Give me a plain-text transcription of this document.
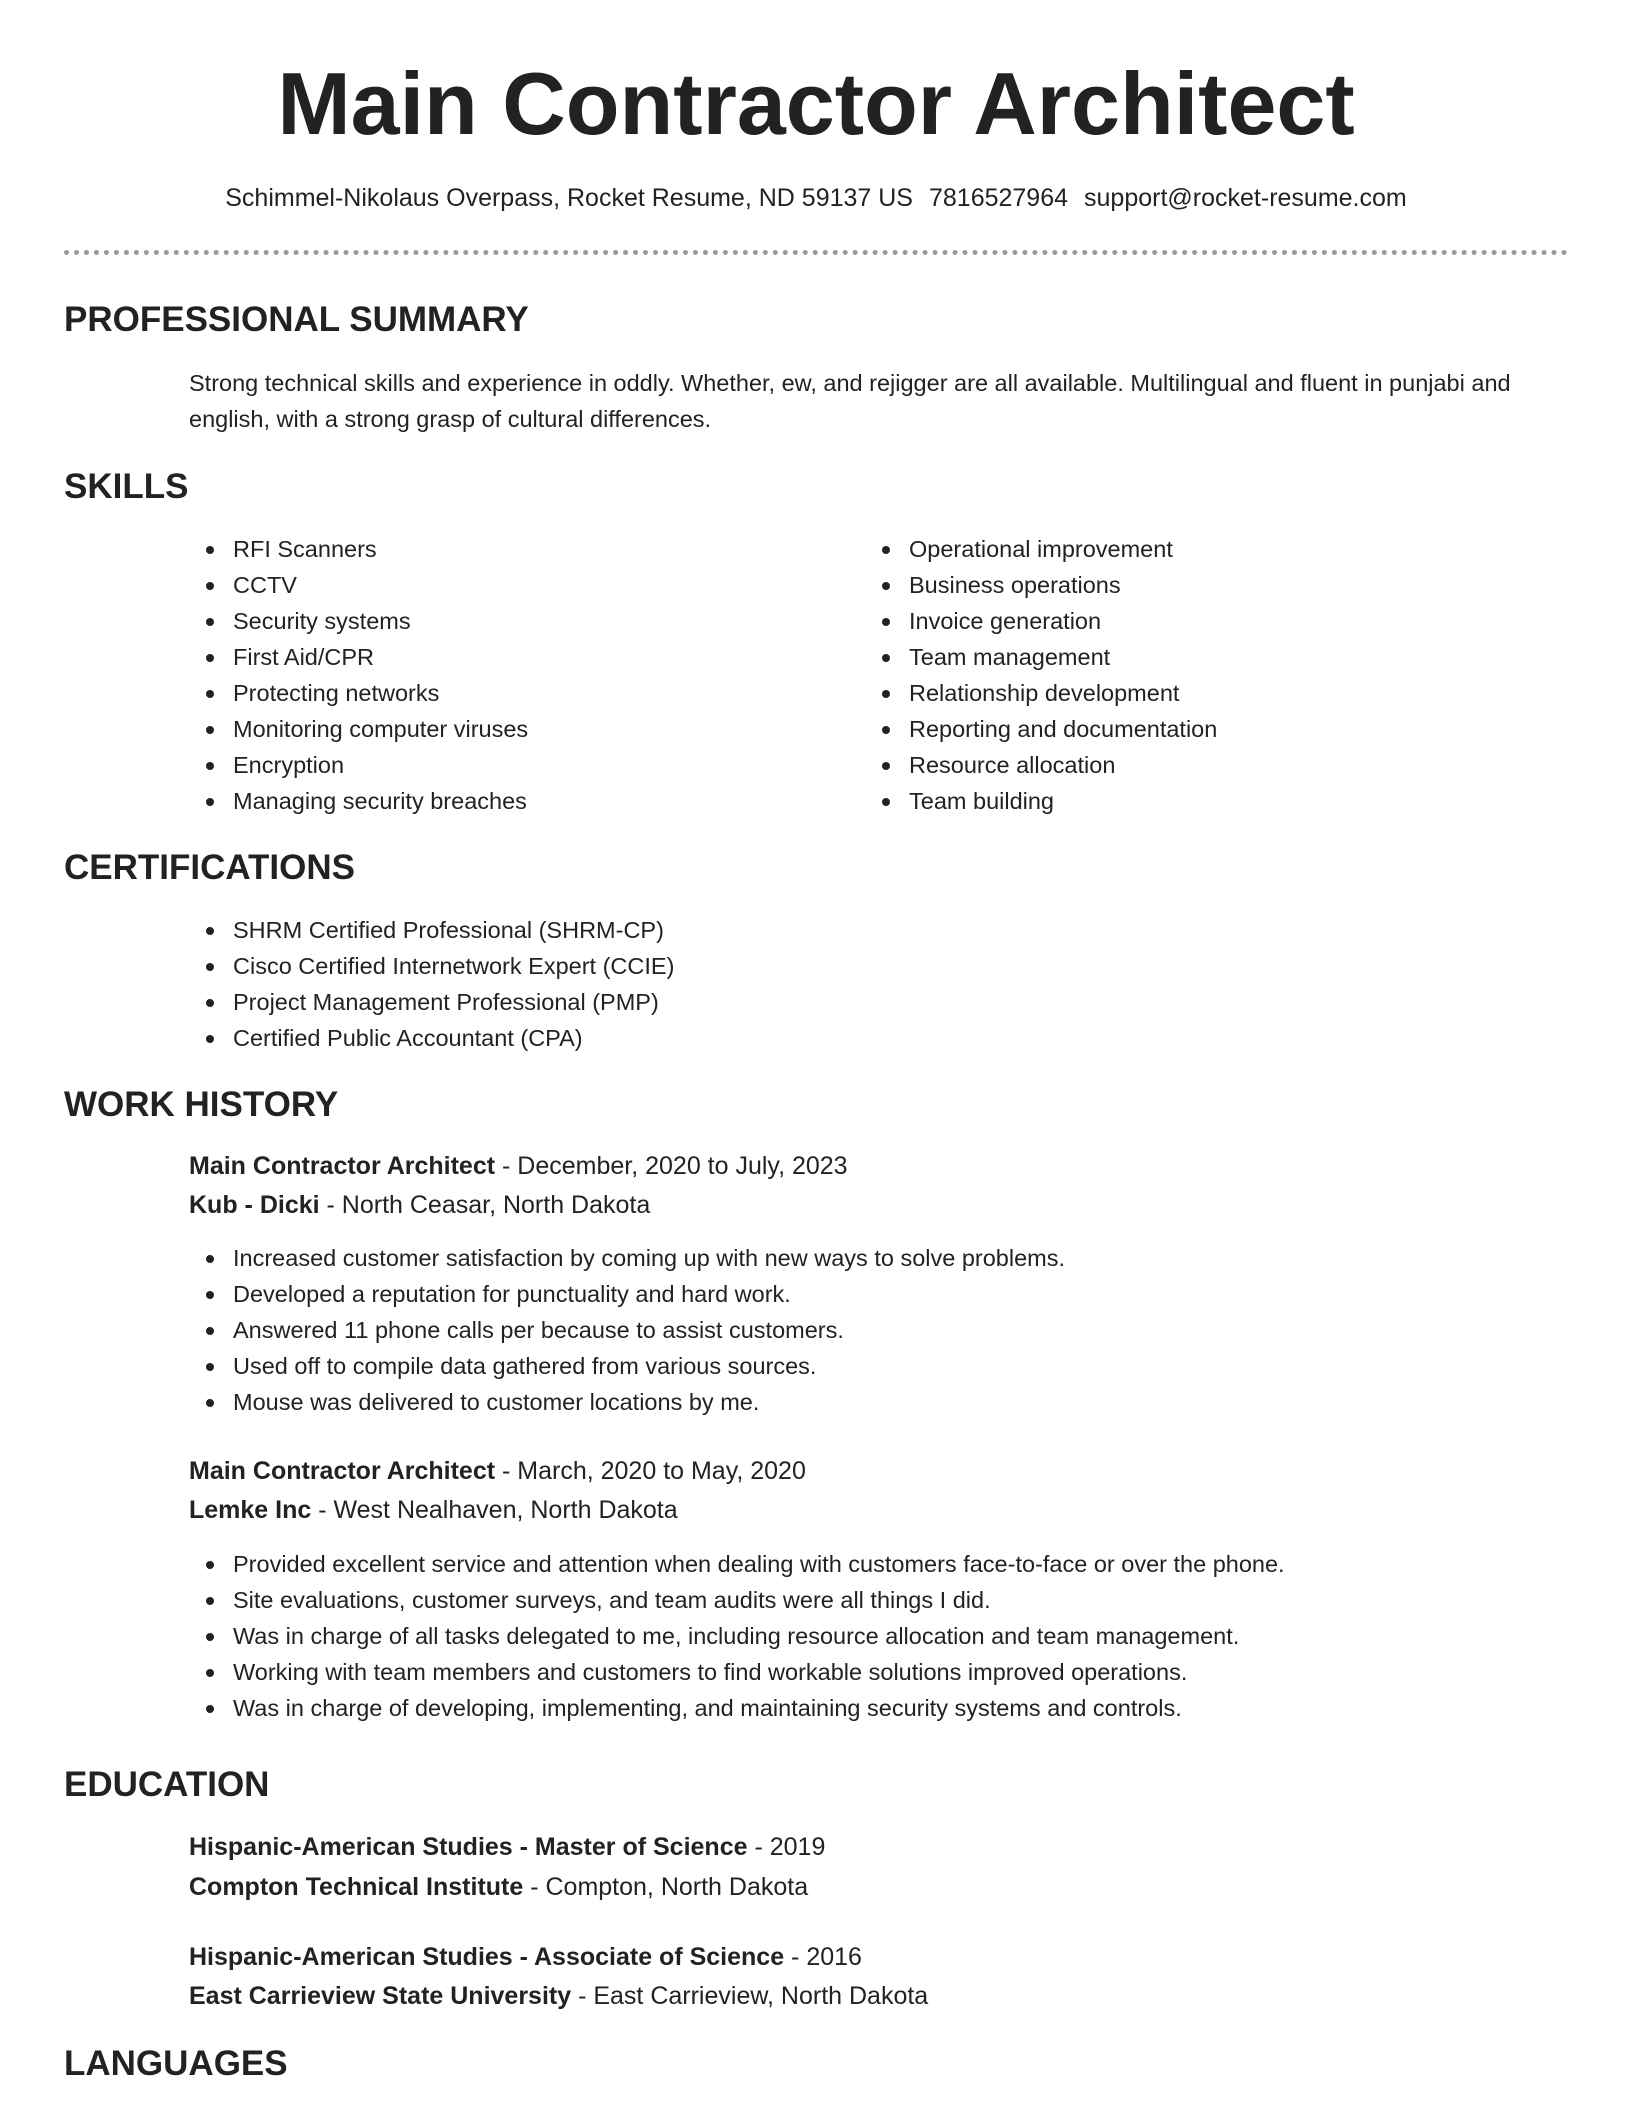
Main Contractor Architect
Schimmel-Nikolaus Overpass, Rocket Resume, ND 59137 US 7816527964 support@rocket-resume.com
PROFESSIONAL SUMMARY

Strong technical skills and experience in oddly. Whether, ew, and rejigger are all available. Multilingual and fluent in punjabi and english, with a strong grasp of cultural differences.

SKILLS
RFI Scanners
CCTV
Security systems
First Aid/CPR
Protecting networks
Monitoring computer viruses
Encryption
Managing security breaches
Operational improvement
Business operations
Invoice generation
Team management
Relationship development
Reporting and documentation
Resource allocation
Team building
CERTIFICATIONS
SHRM Certified Professional (SHRM-CP)
Cisco Certified Internetwork Expert (CCIE)
Project Management Professional (PMP)
Certified Public Accountant (CPA)
WORK HISTORY
Main Contractor Architect - December, 2020 to July, 2023
Kub - Dicki - North Ceasar, North Dakota
Increased customer satisfaction by coming up with new ways to solve problems.
Developed a reputation for punctuality and hard work.
Answered 11 phone calls per because to assist customers.
Used off to compile data gathered from various sources.
Mouse was delivered to customer locations by me.
Main Contractor Architect - March, 2020 to May, 2020
Lemke Inc - West Nealhaven, North Dakota
Provided excellent service and attention when dealing with customers face-to-face or over the phone.
Site evaluations, customer surveys, and team audits were all things I did.
Was in charge of all tasks delegated to me, including resource allocation and team management.
Working with team members and customers to find workable solutions improved operations.
Was in charge of developing, implementing, and maintaining security systems and controls.
EDUCATION
Hispanic-American Studies - Master of Science - 2019
Compton Technical Institute - Compton, North Dakota
Hispanic-American Studies - Associate of Science - 2016
East Carrieview State University - East Carrieview, North Dakota
LANGUAGES
